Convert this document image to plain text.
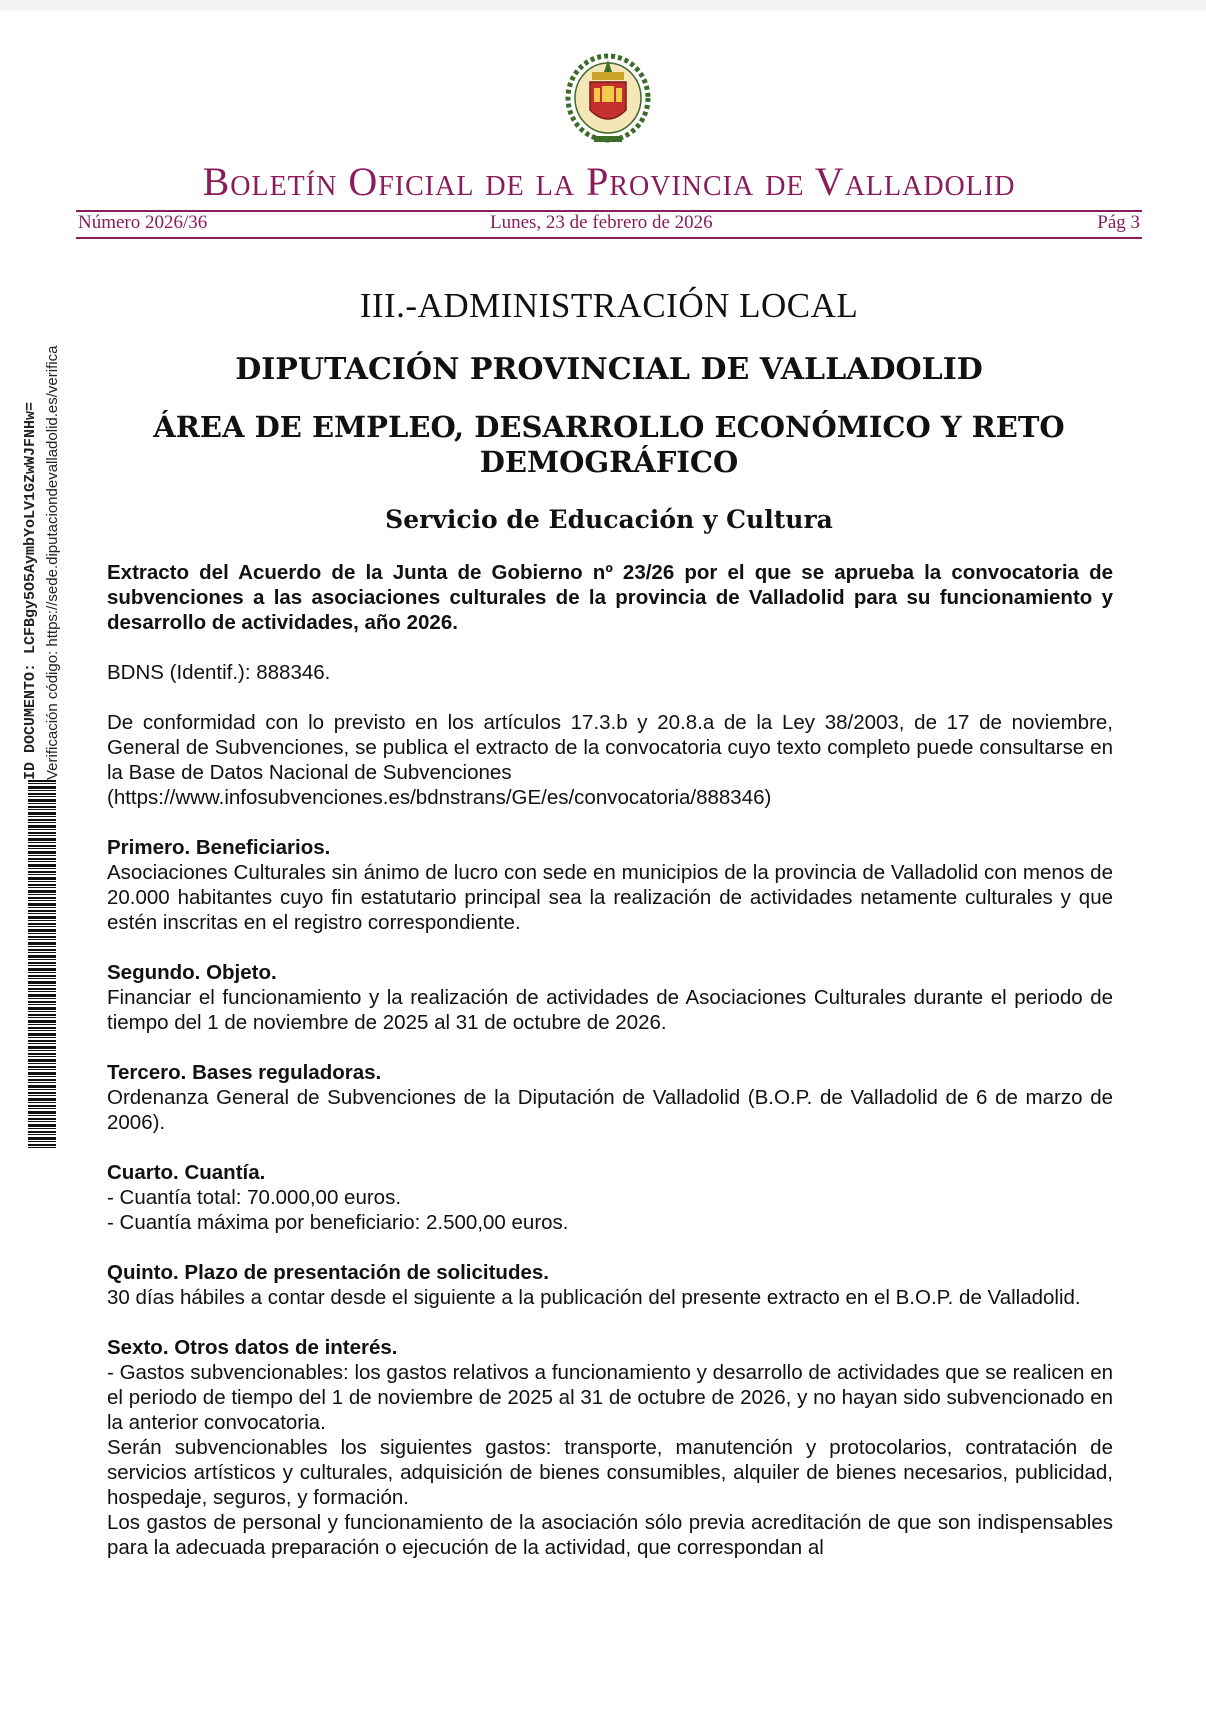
Boletín Oficial de la Provincia de Valladolid
Número 2026/36	Lunes, 23 de febrero de 2026	Pág 3
ID DOCUMENTO: LCFBgy5O5AymbYoLV1GZwWJFNHw= Verificación código: https://sede.diputaciondevalladolid.es/verifica
III.-ADMINISTRACIÓN LOCAL
DIPUTACIÓN PROVINCIAL DE VALLADOLID
ÁREA DE EMPLEO, DESARROLLO ECONÓMICO Y RETO DEMOGRÁFICO
Servicio de Educación y Cultura

Extracto del Acuerdo de la Junta de Gobierno nº 23/26 por el que se aprueba la convocatoria de subvenciones a las asociaciones culturales de la provincia de Valladolid para su funcionamiento y desarrollo de actividades, año 2026.

BDNS (Identif.): 888346.

De conformidad con lo previsto en los artículos 17.3.b y 20.8.a de la Ley 38/2003, de 17 de noviembre, General de Subvenciones, se publica el extracto de la convocatoria cuyo texto completo puede consultarse en la Base de Datos Nacional de Subvenciones

(https://www.infosubvenciones.es/bdnstrans/GE/es/convocatoria/888346)

Primero. Beneficiarios.

Asociaciones Culturales sin ánimo de lucro con sede en municipios de la provincia de Valladolid con menos de 20.000 habitantes cuyo fin estatutario principal sea la realización de actividades netamente culturales y que estén inscritas en el registro correspondiente.

Segundo. Objeto.

Financiar el funcionamiento y la realización de actividades de Asociaciones Culturales durante el periodo de tiempo del 1 de noviembre de 2025 al 31 de octubre de 2026.

Tercero. Bases reguladoras.

Ordenanza General de Subvenciones de la Diputación de Valladolid (B.O.P. de Valladolid de 6 de marzo de 2006).

Cuarto. Cuantía.

- Cuantía total: 70.000,00 euros.

- Cuantía máxima por beneficiario: 2.500,00 euros.

Quinto. Plazo de presentación de solicitudes.

30 días hábiles a contar desde el siguiente a la publicación del presente extracto en el B.O.P. de Valladolid.

Sexto. Otros datos de interés.

- Gastos subvencionables: los gastos relativos a funcionamiento y desarrollo de actividades que se realicen en el periodo de tiempo del 1 de noviembre de 2025 al 31 de octubre de 2026, y no hayan sido subvencionado en la anterior convocatoria.

Serán subvencionables los siguientes gastos: transporte, manutención y protocolarios, contratación de servicios artísticos y culturales, adquisición de bienes consumibles, alquiler de bienes necesarios, publicidad, hospedaje, seguros, y formación.

Los gastos de personal y funcionamiento de la asociación sólo previa acreditación de que son indispensables para la adecuada preparación o ejecución de la actividad, que correspondan al
